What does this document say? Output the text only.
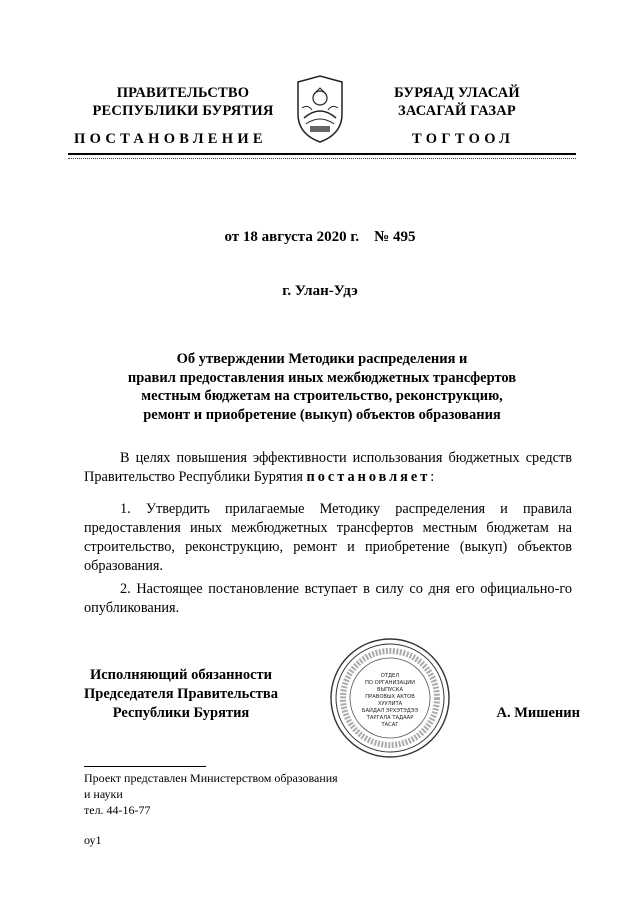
ПРАВИТЕЛЬСТВО
РЕСПУБЛИКИ БУРЯТИЯ
БУРЯАД УЛАСАЙ
ЗАСАГАЙ ГАЗАР
ПОСТАНОВЛЕНИЕ	ТОГТООЛ
от 18 августа 2020 г.    № 495
г. Улан-Удэ
Об утверждении Методики распределения и
правил предоставления иных межбюджетных трансфертов
местным бюджетам на строительство, реконструкцию,
ремонт и приобретение (выкуп) объектов образования

В целях повышения эффективности использования бюджетных средств Правительство Республики Бурятия постановляет:

1. Утвердить прилагаемые Методику распределения и правила предоставления иных межбюджетных трансфертов местным бюджетам на строительство, реконструкцию, ремонт и приобретение (выкуп) объектов образования.

2. Настоящее постановление вступает в силу со дня его официально-го опубликования.

Исполняющий обязанности
Председателя Правительства
Республики Бурятия
ОТДЕЛ
ПО ОРГАНИЗАЦИИ
ВЫПУСКА
ПРАВОВЫХ АКТОВ
ХУУЛИТА
БАЙДАЛ ЭРХЭТЭДЭЭ
ТАРГАЛА ТАДААР
ТАСАГ
А. Мишенин
Проект представлен Министерством образования
и науки
тел. 44-16-77
оу1
